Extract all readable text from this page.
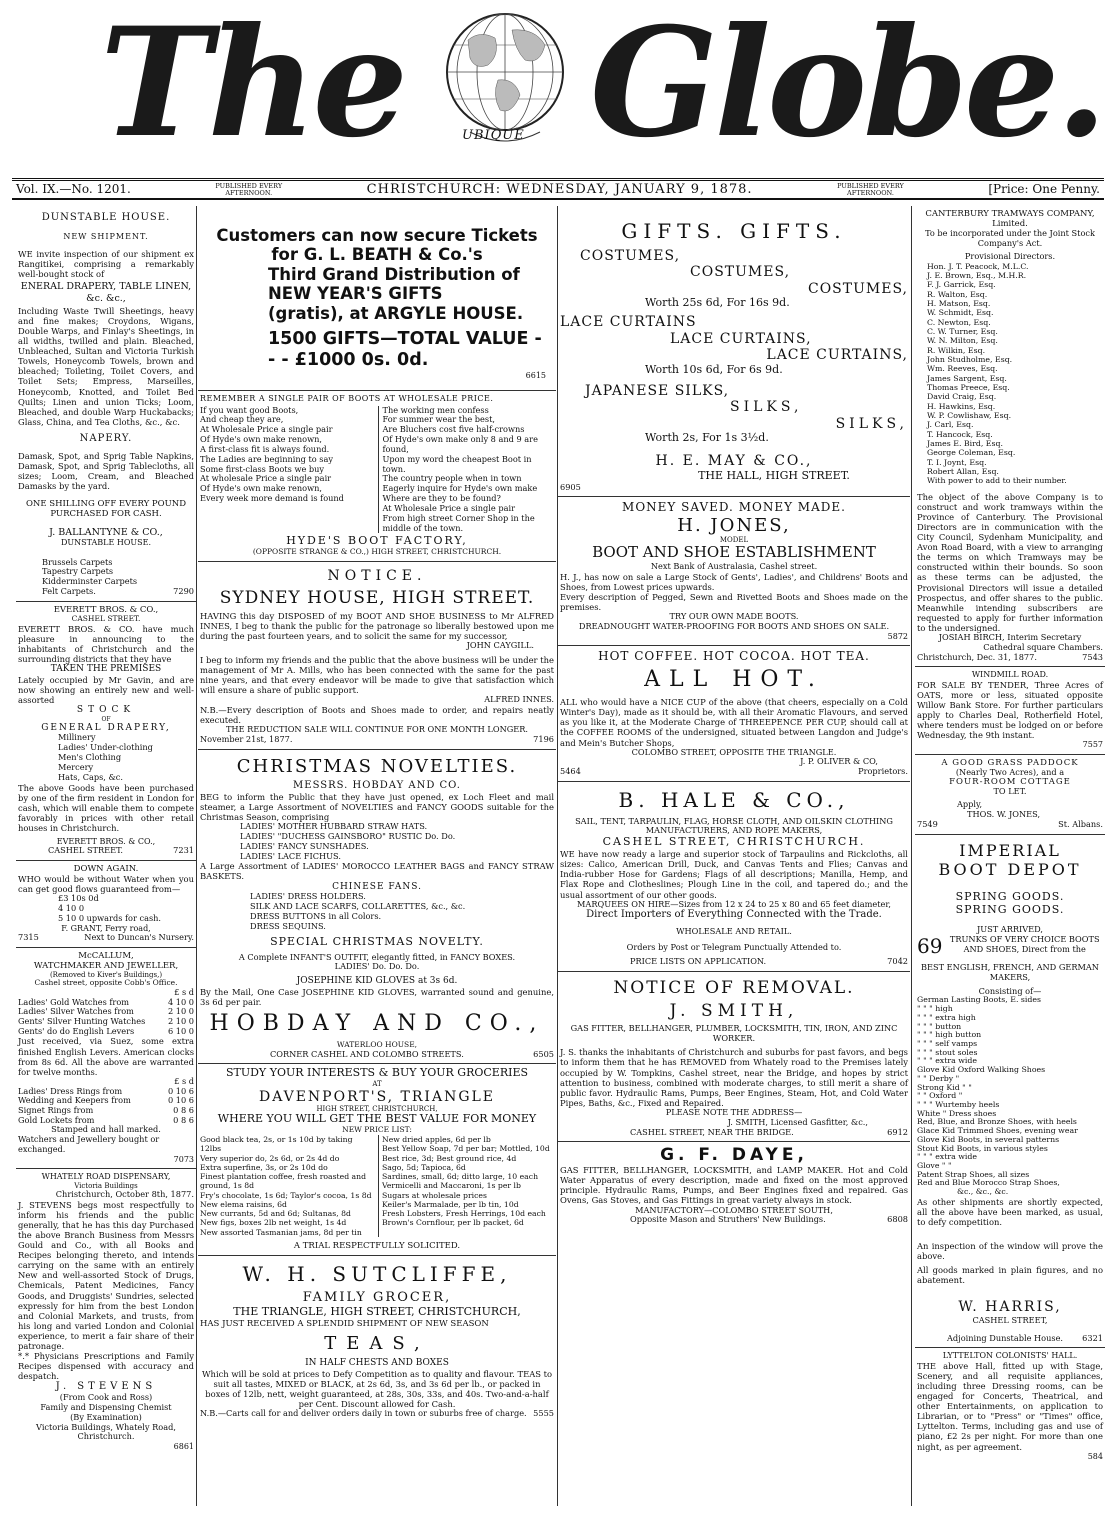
The	UBIQUE Globe.
Vol. IX.—No. 1201.	PUBLISHED EVERY AFTERNOON.	CHRISTCHURCH: WEDNESDAY, JANUARY 9, 1878.	PUBLISHED EVERY AFTERNOON.	[Price: One Penny.
DUNSTABLE HOUSE.
NEW SHIPMENT.
WE invite inspection of our shipment ex Rangitikei, comprising a remarkably well-bought stock of
ENERAL DRAPERY, TABLE LINEN, &c. &c.,
Including Waste Twill Sheetings, heavy and fine makes; Croydons, Wigans, Double Warps, and Finlay's Sheetings, in all widths, twilled and plain. Bleached, Unbleached, Sultan and Victoria Turkish Towels, Honeycomb Towels, brown and bleached; Toileting, Toilet Covers, and Toilet Sets; Empress, Marseilles, Honeycomb, Knotted, and Toilet Bed Quilts; Linen and union Ticks; Loom, Bleached, and double Warp Huckabacks; Glass, China, and Tea Cloths, &c., &c.
NAPERY.
Damask, Spot, and Sprig Table Napkins, Damask, Spot, and Sprig Tablecloths, all sizes; Loom, Cream, and Bleached Damasks by the yard.
ONE SHILLING OFF EVERY POUND PURCHASED FOR CASH.
J. BALLANTYNE & CO.,
DUNSTABLE HOUSE.
Brussels Carpets
Tapestry Carpets
Kidderminster Carpets
Felt Carpets.	7290
EVERETT BROS. & CO.,
CASHEL STREET.
EVERETT BROS. & CO. have much pleasure in announcing to the inhabitants of Christchurch and the surrounding districts that they have
TAKEN THE PREMISES
Lately occupied by Mr Gavin, and are now showing an entirely new and well-assorted
STOCK
OF
GENERAL DRAPERY,
Millinery
Ladies' Under-clothing
Men's Clothing
Mercery
Hats, Caps, &c.
The above Goods have been purchased by one of the firm resident in London for cash, which will enable them to compete favorably in prices with other retail houses in Christchurch.
EVERETT BROS. & CO.,
CASHEL STREET.	7231
DOWN AGAIN.
WHO would be without Water when you can get good flows guaranteed from—
£3 10s 0d
4 10 0
5 10 0 upwards for cash.
F. GRANT, Ferry road,
7315	Next to Duncan's Nursery.
McCALLUM,
WATCHMAKER AND JEWELLER,
(Removed to Kiver's Buildings,)
Cashel street, opposite Cobb's Office.
£ s d
Ladies' Gold Watches from	4 10 0
Ladies' Silver Watches from	2 10 0
Gents' Silver Hunting Watches	2 10 0
Gents' do do English Levers	6 10 0
Just received, via Suez, some extra finished English Levers. American clocks from 8s 6d. All the above are warranted for twelve months.
£ s d
Ladies' Dress Rings from	0 10 6
Wedding and Keepers from	0 10 6
Signet Rings from	0 8 6
Gold Lockets from	0 8 6
Stamped and hall marked.
Watchers and Jewellery bought or exchanged.
7073
WHATELY ROAD DISPENSARY,
Victoria Buildings
Christchurch, October 8th, 1877.
J. STEVENS begs most respectfully to inform his friends and the public generally, that he has this day Purchased the above Branch Business from Messrs Gould and Co., with all Books and Recipes belonging thereto, and intends carrying on the same with an entirely New and well-assorted Stock of Drugs, Chemicals, Patent Medicines, Fancy Goods, and Druggists' Sundries, selected expressly for him from the best London and Colonial Markets, and trusts, from his long and varied London and Colonial experience, to merit a fair share of their patronage.
*.* Physicians Prescriptions and Family Recipes dispensed with accuracy and despatch.
J. STEVENS
(From Cook and Ross)
Family and Dispensing Chemist
(By Examination)
Victoria Buildings, Whately Road, Christchurch.
6861
Customers can now secure Tickets for G. L. BEATH & Co.'s
Third Grand Distribution of NEW YEAR'S GIFTS
(gratis), at ARGYLE HOUSE.
1500 GIFTS—TOTAL VALUE - - - £1000 0s. 0d.
6615
REMEMBER A SINGLE PAIR OF BOOTS AT WHOLESALE PRICE.
If you want good Boots,
And cheap they are,
At Wholesale Price a single pair
Of Hyde's own make renown,
A first-class fit is always found.
The Ladies are beginning to say
Some first-class Boots we buy
At wholesale Price a single pair
Of Hyde's own make renown,
Every week more demand is found
The working men confess
For summer wear the best,
Are Bluchers cost five half-crowns
Of Hyde's own make only 8 and 9 are found,
Upon my word the cheapest Boot in town.
The country people when in town
Eagerly inquire for Hyde's own make
Where are they to be found?
At Wholesale Price a single pair
From high street Corner Shop in the middle of the town.
HYDE'S BOOT FACTORY,
(OPPOSITE STRANGE & CO.,) HIGH STREET, CHRISTCHURCH.
NOTICE.
SYDNEY HOUSE, HIGH STREET.
HAVING this day DISPOSED of my BOOT AND SHOE BUSINESS to Mr ALFRED INNES, I beg to thank the public for the patronage so liberally bestowed upon me during the past fourteen years, and to solicit the same for my successor,
JOHN CAYGILL.
I beg to inform my friends and the public that the above business will be under the management of Mr A. Mills, who has been connected with the same for the past nine years, and that every endeavor will be made to give that satisfaction which will ensure a share of public support.
ALFRED INNES.
N.B.—Every description of Boots and Shoes made to order, and repairs neatly executed.
THE REDUCTION SALE WILL CONTINUE FOR ONE MONTH LONGER.
November 21st, 1877.	7196
CHRISTMAS NOVELTIES.
MESSRS. HOBDAY AND CO.
BEG to inform the Public that they have just opened, ex Loch Fleet and mail steamer, a Large Assortment of NOVELTIES and FANCY GOODS suitable for the Christmas Season, comprising
LADIES' MOTHER HUBBARD STRAW HATS.
LADIES' "DUCHESS GAINSBORO" RUSTIC Do. Do.
LADIES' FANCY SUNSHADES.
LADIES' LACE FICHUS.
A Large Assortment of LADIES' MOROCCO LEATHER BAGS and FANCY STRAW BASKETS.
CHINESE FANS.
LADIES' DRESS HOLDERS.
SILK AND LACE SCARFS, COLLARETTES, &c., &c.
DRESS BUTTONS in all Colors.
DRESS SEQUINS.
SPECIAL CHRISTMAS NOVELTY.
A Complete INFANT'S OUTFIT, elegantly fitted, in FANCY BOXES.
LADIES' Do. Do. Do.
JOSEPHINE KID GLOVES at 3s 6d.
By the Mail, One Case JOSEPHINE KID GLOVES, warranted sound and genuine, 3s 6d per pair.
HOBDAY AND CO.,
WATERLOO HOUSE,
CORNER CASHEL AND COLOMBO STREETS.	6505
STUDY YOUR INTERESTS & BUY YOUR GROCERIES
AT
DAVENPORT'S, TRIANGLE
HIGH STREET, CHRISTCHURCH,
WHERE YOU WILL GET THE BEST VALUE FOR MONEY
NEW PRICE LIST:
Good black tea, 2s, or 1s 10d by taking 12lbs
Very superior do, 2s 6d, or 2s 4d do
Extra superfine, 3s, or 2s 10d do
Finest plantation coffee, fresh roasted and ground, 1s 8d
Fry's chocolate, 1s 6d; Taylor's cocoa, 1s 8d
New elema raisins, 6d
New currants, 5d and 6d; Sultanas, 8d
New figs, boxes 2lb net weight, 1s 4d
New assorted Tasmanian jams, 8d per tin
New dried apples, 6d per lb
Best Yellow Soap, 7d per bar; Mottled, 10d
Best rice, 3d; Best ground rice, 4d
Sago, 5d; Tapioca, 6d
Sardines, small, 6d; ditto large, 10 each
Vermicelli and Maccaroni, 1s per lb
Sugars at wholesale prices
Keiler's Marmalade, per lb tin, 10d
Fresh Lobsters, Fresh Herrings, 10d each
Brown's Cornflour, per lb packet, 6d
A TRIAL RESPECTFULLY SOLICITED.
W. H. SUTCLIFFE,
FAMILY GROCER,
THE TRIANGLE, HIGH STREET, CHRISTCHURCH,
HAS JUST RECEIVED A SPLENDID SHIPMENT OF NEW SEASON
TEAS,
IN HALF CHESTS AND BOXES
Which will be sold at prices to Defy Competition as to quality and flavour. TEAS to suit all tastes, MIXED or BLACK, at 2s 6d, 3s, and 3s 6d per lb., or packed in boxes of 12lb, nett, weight guaranteed, at 28s, 30s, 33s, and 40s. Two-and-a-half per Cent. Discount allowed for Cash.
N.B.—Carts call for and deliver orders daily in town or suburbs free of charge. 5555
GIFTS. GIFTS.
COSTUMES,
COSTUMES,
COSTUMES,
Worth 25s 6d, For 16s 9d.
LACE CURTAINS
LACE CURTAINS,
LACE CURTAINS,
Worth 10s 6d, For 6s 9d.
JAPANESE SILKS,
SILKS,
SILKS,
Worth 2s, For 1s 3½d.
H. E. MAY & CO.,
THE HALL, HIGH STREET.
6905
MONEY SAVED. MONEY MADE.
H. JONES,
MODEL
BOOT AND SHOE ESTABLISHMENT
Next Bank of Australasia, Cashel street.
H. J., has now on sale a Large Stock of Gents', Ladies', and Childrens' Boots and Shoes, from Lowest prices upwards.
Every description of Pegged, Sewn and Rivetted Boots and Shoes made on the premises.
TRY OUR OWN MADE BOOTS.
DREADNOUGHT WATER-PROOFING FOR BOOTS AND SHOES ON SALE.
5872
HOT COFFEE. HOT COCOA. HOT TEA.
ALL HOT.
ALL who would have a NICE CUP of the above (that cheers, especially on a Cold Winter's Day), made as it should be, with all their Aromatic Flavours, and served as you like it, at the Moderate Charge of THREEPENCE PER CUP, should call at the COFFEE ROOMS of the undersigned, situated between Langdon and Judge's and Mein's Butcher Shops,
COLOMBO STREET, OPPOSITE THE TRIANGLE.
J. P. OLIVER & CO,
5464	Proprietors.
B. HALE & CO.,
SAIL, TENT, TARPAULIN, FLAG, HORSE CLOTH, AND OILSKIN CLOTHING MANUFACTURERS, AND ROPE MAKERS,
CASHEL STREET, CHRISTCHURCH.
WE have now ready a large and superior stock of Tarpaulins and Rickcloths, all sizes: Calico, American Drill, Duck, and Canvas Tents and Flies; Canvas and India-rubber Hose for Gardens; Flags of all descriptions; Manilla, Hemp, and Flax Rope and Clotheslines; Plough Line in the coil, and tapered do.; and the usual assortment of our other goods.
MARQUEES ON HIRE—Sizes from 12 x 24 to 25 x 80 and 65 feet diameter,
Direct Importers of Everything Connected with the Trade.
WHOLESALE AND RETAIL.
Orders by Post or Telegram Punctually Attended to.
PRICE LISTS ON APPLICATION.	7042
NOTICE OF REMOVAL.
J. SMITH,
GAS FITTER, BELLHANGER, PLUMBER, LOCKSMITH, TIN, IRON, AND ZINC WORKER.
J. S. thanks the inhabitants of Christchurch and suburbs for past favors, and begs to inform them that he has REMOVED from Whately road to the Premises lately occupied by W. Tompkins, Cashel street, near the Bridge, and hopes by strict attention to business, combined with moderate charges, to still merit a share of public favor. Hydraulic Rams, Pumps, Beer Engines, Steam, Hot, and Cold Water Pipes, Baths, &c., Fixed and Repaired.
PLEASE NOTE THE ADDRESS—
J. SMITH, Licensed Gasfitter, &c.,
CASHEL STREET, NEAR THE BRIDGE.	6912
G. F. DAYE,
GAS FITTER, BELLHANGER, LOCKSMITH, and LAMP MAKER. Hot and Cold Water Apparatus of every description, made and fixed on the most approved principle. Hydraulic Rams, Pumps, and Beer Engines fixed and repaired. Gas Ovens, Gas Stoves, and Gas Fittings in great variety always in stock.
MANUFACTORY—COLOMBO STREET SOUTH,
Opposite Mason and Struthers' New Buildings.	6808
CANTERBURY TRAMWAYS COMPANY, Limited.
To be incorporated under the Joint Stock Company's Act.
Provisional Directors.
Hon. J. T. Peacock, M.L.C.
J. E. Brown, Esq., M.H.R.
F. J. Garrick, Esq.
R. Walton, Esq.
H. Matson, Esq.
W. Schmidt, Esq.
C. Newton, Esq.
C. W. Turner, Esq.
W. N. Milton, Esq.
R. Wilkin, Esq.
John Studholme, Esq.
Wm. Reeves, Esq.
James Sargent, Esq.
Thomas Preece, Esq.
David Craig, Esq.
H. Hawkins, Esq.
W. P. Cowlishaw, Esq.
J. Carl, Esq.
T. Hancock, Esq.
James E. Bird, Esq.
George Coleman, Esq.
T. I. Joynt, Esq.
Robert Allan, Esq.
With power to add to their number.
The object of the above Company is to construct and work tramways within the Province of Canterbury. The Provisional Directors are in communication with the City Council, Sydenham Municipality, and Avon Road Board, with a view to arranging the terms on which Tramways may be constructed within their bounds. So soon as these terms can be adjusted, the Provisional Directors will issue a detailed Prospectus, and offer shares to the public. Meanwhile intending subscribers are requested to apply for further information to the undersigned.
JOSIAH BIRCH, Interim Secretary
Cathedral square Chambers.
Christchurch, Dec. 31, 1877.	7543
WINDMILL ROAD.
FOR SALE BY TENDER, Three Acres of OATS, more or less, situated opposite Willow Bank Store. For further particulars apply to Charles Deal, Rotherfield Hotel, where tenders must be lodged on or before Wednesday, the 9th instant.
7557
A GOOD GRASS PADDOCK
(Nearly Two Acres), and a
FOUR-ROOM COTTAGE
TO LET.
Apply,
THOS. W. JONES,
7549	St. Albans.
IMPERIAL
BOOT DEPOT
SPRING GOODS.
SPRING GOODS.
JUST ARRIVED,
69 TRUNKS OF VERY CHOICE BOOTS AND SHOES, Direct from the
BEST ENGLISH, FRENCH, AND GERMAN MAKERS,
Consisting of—
German Lasting Boots, E. sides
" " " high
" " " extra high
" " " button
" " " high button
" " " self vamps
" " " stout soles
" " " extra wide
Glove Kid Oxford Walking Shoes
" " Derby "
Strong Kid " "
" " Oxford "
" " " Wurtemby heels
White " Dress shoes
Red, Blue, and Bronze Shoes, with heels
Glace Kid Trimmed Shoes, evening wear
Glove Kid Boots, in several patterns
Stout Kid Boots, in various styles
" " " extra wide
Glove " "
Patent Strap Shoes, all sizes
Red and Blue Morocco Strap Shoes,
&c., &c., &c.
As other shipments are shortly expected, all the above have been marked, as usual, to defy competition.
An inspection of the window will prove the above.
All goods marked in plain figures, and no abatement.
W. HARRIS,
CASHEL STREET,
Adjoining Dunstable House. 6321
LYTTELTON COLONISTS' HALL.
THE above Hall, fitted up with Stage, Scenery, and all requisite appliances, including three Dressing rooms, can be engaged for Concerts, Theatrical, and other Entertainments, on application to Librarian, or to "Press" or "Times" office, Lyttelton. Terms, including gas and use of piano, £2 2s per night. For more than one night, as per agreement.
584
